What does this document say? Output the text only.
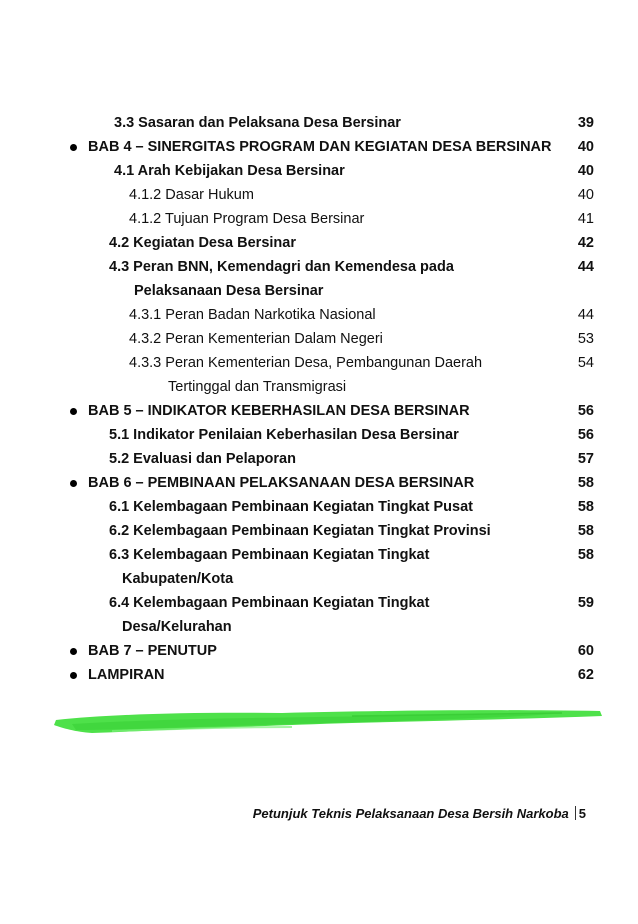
3.3 Sasaran dan Pelaksana Desa Bersinar	39
BAB 4 – SINERGITAS PROGRAM DAN KEGIATAN DESA BERSINAR 40
4.1 Arah Kebijakan Desa Bersinar	40
4.1.2 Dasar Hukum	40
4.1.2 Tujuan Program Desa Bersinar	41
4.2 Kegiatan Desa Bersinar	42
4.3 Peran BNN, Kemendagri dan Kemendesa pada	44
Pelaksanaan Desa Bersinar
4.3.1 Peran Badan Narkotika Nasional	44
4.3.2 Peran Kementerian Dalam Negeri	53
4.3.3 Peran Kementerian Desa, Pembangunan Daerah	54
Tertinggal dan Transmigrasi
BAB 5 – INDIKATOR KEBERHASILAN DESA BERSINAR	56
5.1 Indikator Penilaian Keberhasilan Desa Bersinar	56
5.2 Evaluasi dan Pelaporan	57
BAB 6 – PEMBINAAN PELAKSANAAN DESA BERSINAR	58
6.1 Kelembagaan Pembinaan Kegiatan Tingkat Pusat	58
6.2 Kelembagaan Pembinaan Kegiatan Tingkat Provinsi	58
6.3 Kelembagaan Pembinaan Kegiatan Tingkat	58
Kabupaten/Kota
6.4 Kelembagaan Pembinaan Kegiatan Tingkat	59
Desa/Kelurahan
BAB 7 – PENUTUP	60
LAMPIRAN	62
Petunjuk Teknis Pelaksanaan Desa Bersih Narkoba 5
